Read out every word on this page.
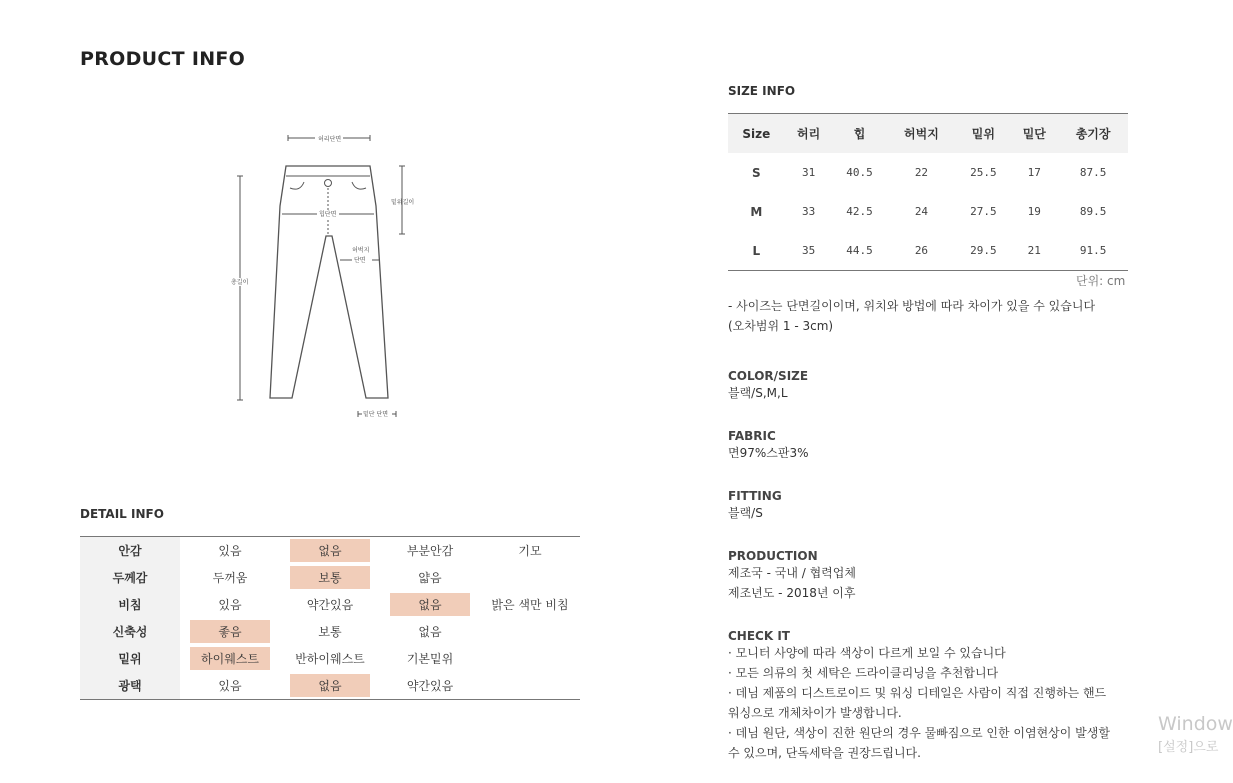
PRODUCT INFO
허리단면
힙단면
밑위길이
허벅지
단면
총길이
밑단 단면
DETAIL INFO
안감	있음	없음	부분안감	기모
두께감	두꺼움	보통	얇음
비침	있음	약간있음	없음	밝은 색만 비침
신축성	좋음	보통	없음
밑위	하이웨스트	반하이웨스트	기본밑위
광택	있음	없음	약간있음
SIZE INFO
Size	허리	힙	허벅지	밑위	밑단	총기장
S	31	40.5	22	25.5	17	87.5
M	33	42.5	24	27.5	19	89.5
L	35	44.5	26	29.5	21	91.5
단위: cm
- 사이즈는 단면길이이며, 위치와 방법에 따라 차이가 있을 수 있습니다
(오차범위 1 - 3cm)
COLOR/SIZE
블랙/S,M,L
FABRIC
면97%스판3%
FITTING
블랙/S
PRODUCTION
제조국 - 국내 / 협력업체
제조년도 - 2018년 이후
CHECK IT
· 모니터 사양에 따라 색상이 다르게 보일 수 있습니다
· 모든 의류의 첫 세탁은 드라이클리닝을 추천합니다
· 데님 제품의 디스트로이드 및 워싱 디테일은 사람이 직접 진행하는 핸드
워싱으로 개체차이가 발생합니다.
· 데님 원단, 색상이 진한 원단의 경우 물빠짐으로 인한 이염현상이 발생할
수 있으며, 단독세탁을 권장드립니다.
Window
[설정]으로
